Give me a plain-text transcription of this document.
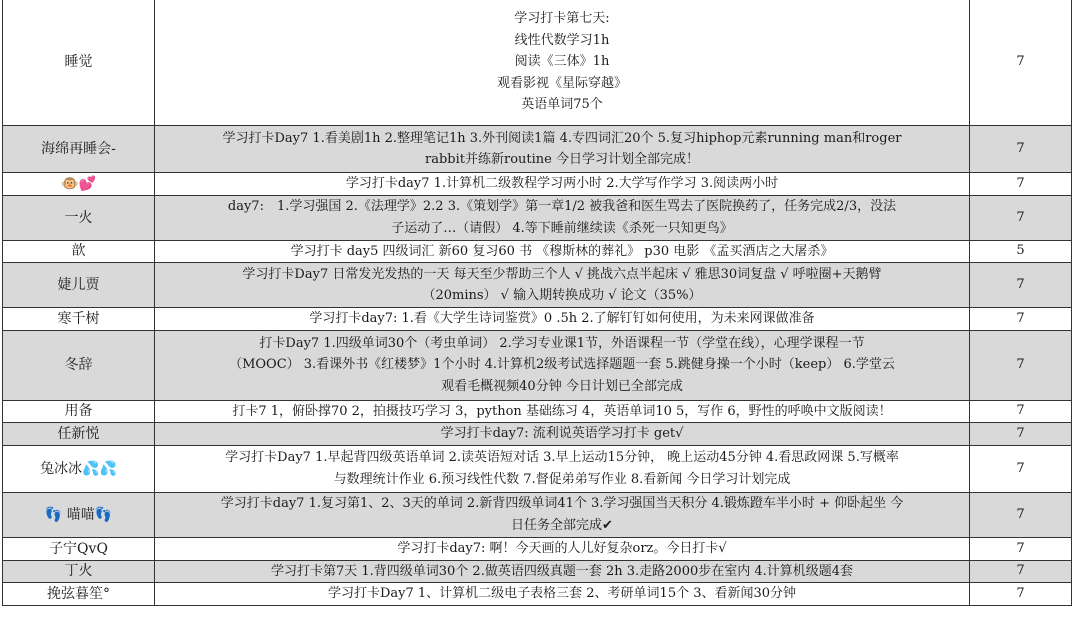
睡觉	学习打卡第七天:
线性代数学习1h
阅读《三体》1h
观看影视《星际穿越》
英语单词75个	7
海绵再睡会-	学习打卡Day7 1.看美剧1h 2.整理笔记1h 3.外刊阅读1篇 4.专四词汇20个 5.复习hiphop元素running man和roger
rabbit并练新routine 今日学习计划全部完成！	7
🐵💕	学习打卡day7 1.计算机二级教程学习两小时 2.大学写作学习 3.阅读两小时	7
一火	day7:　1.学习强国 2.《法理学》2.2 3.《策划学》第一章1/2 被我爸和医生骂去了医院换药了，任务完成2/3，没法
子运动了…（请假） 4.等下睡前继续读《杀死一只知更鸟》	7
歆	学习打卡 day5 四级词汇 新60 复习60 书 《穆斯林的葬礼》 p30 电影 《孟买酒店之大屠杀》	5
婕儿贾	学习打卡Day7 日常发光发热的一天 每天至少帮助三个人 √ 挑战六点半起床 √ 雅思30词复盘 √ 呼啦圈+天鹅臂
（20mins） √ 输入期转换成功 √ 论文（35%）	7
寒千树	学习打卡day7: 1.看《大学生诗词鉴赏》0 .5h 2.了解钉钉如何使用，为未来网课做准备	7
冬辞	打卡Day7 1.四级单词30个（考虫单词） 2.学习专业课1节，外语课程一节（学堂在线），心理学课程一节
（MOOC） 3.看课外书《红楼梦》1个小时 4.计算机2级考试选择题题一套 5.跳健身操一个小时（keep） 6.学堂云
观看毛概视频40分钟 今日计划已全部完成	7
用备	打卡7 1，俯卧撑70 2，拍摄技巧学习 3，python 基础练习 4，英语单词10 5，写作 6，野性的呼唤中文版阅读！	7
任新悦	学习打卡day7: 流利说英语学习打卡 get√	7
兔冰冰💦💦	学习打卡Day7 1.早起背四级英语单词 2.读英语短对话 3.早上运动15分钟， 晚上运动45分钟 4.看思政网课 5.写概率
与数理统计作业 6.预习线性代数 7.督促弟弟写作业 8.看新闻 今日学习计划完成	7
👣 喵喵👣	学习打卡day7 1.复习第1、2、3天的单词 2.新背四级单词41个 3.学习强国当天积分 4.锻炼蹬车半小时 + 仰卧起坐 今
日任务全部完成✔	7
子宁QvQ	学习打卡day7: 啊！今天画的人儿好复杂orz。今日打卡√	7
丁火	学习打卡第7天 1.背四级单词30个 2.做英语四级真题一套 2h 3.走路2000步在室内 4.计算机级题4套	7
挽弦暮笙°	学习打卡Day7 1、计算机二级电子表格三套 2、考研单词15个 3、看新闻30分钟	7
